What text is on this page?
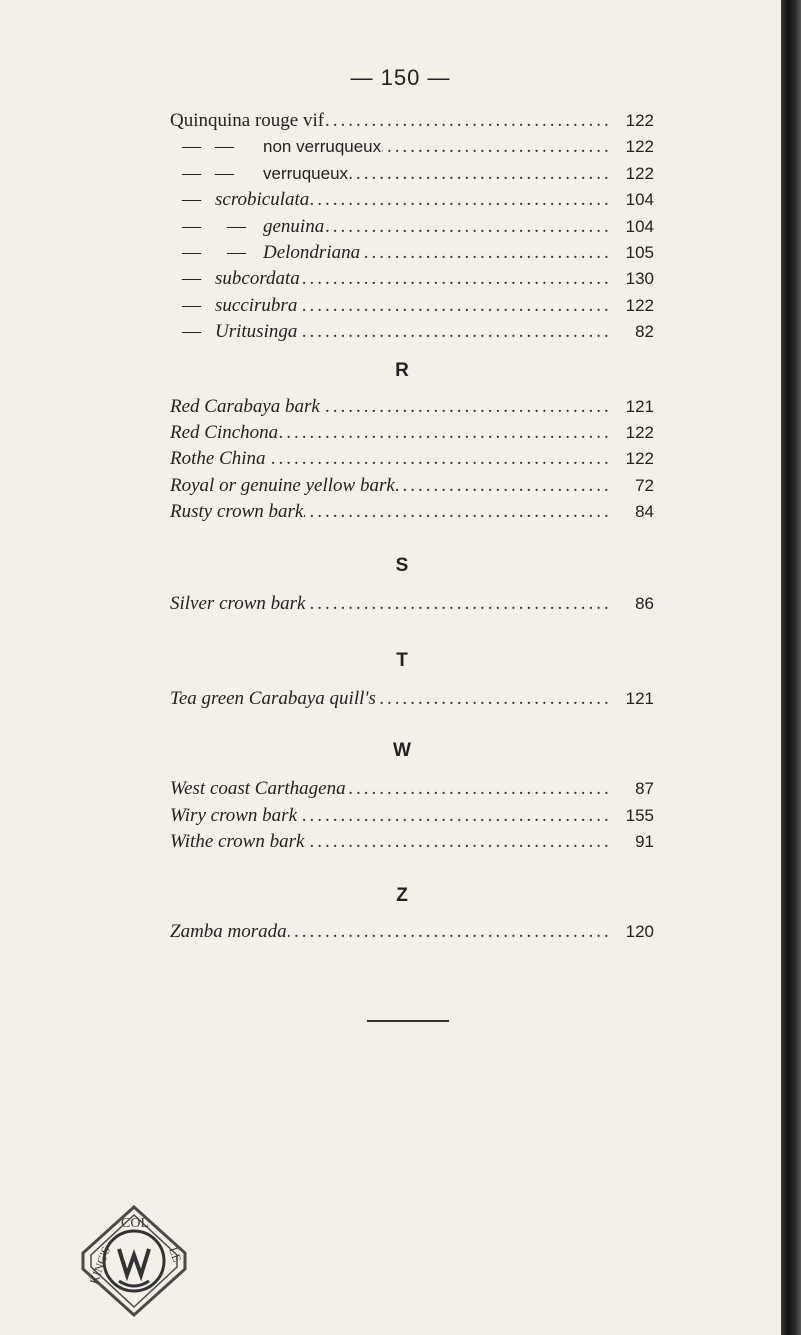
— 150 —
.....
Quinquina rouge vif	122
.....
— — non verruqueux	122
.....
— — verruqueux	122
.....
— scrobiculata	104
.....
— — genuina	104
.....
— — Delondriana	105
.....
— subcordata	130
.....
— succirubra	122
.....
— Uritusinga	82
R
.....
Red Carabaya bark	121
.....
Red Cinchona	122
.....
Rothe China	122
.....
Royal or genuine yellow bark	72
.....
Rusty crown bark	84
S
.....
Silver crown bark	86
T
.....
Tea green Carabaya quill's	121
W
.....
West coast Carthagena	87
.....
Wiry crown bark	155
.....
Withe crown bark	91
Z
.....
Zamba morada	120
COL
KING'S	LE
